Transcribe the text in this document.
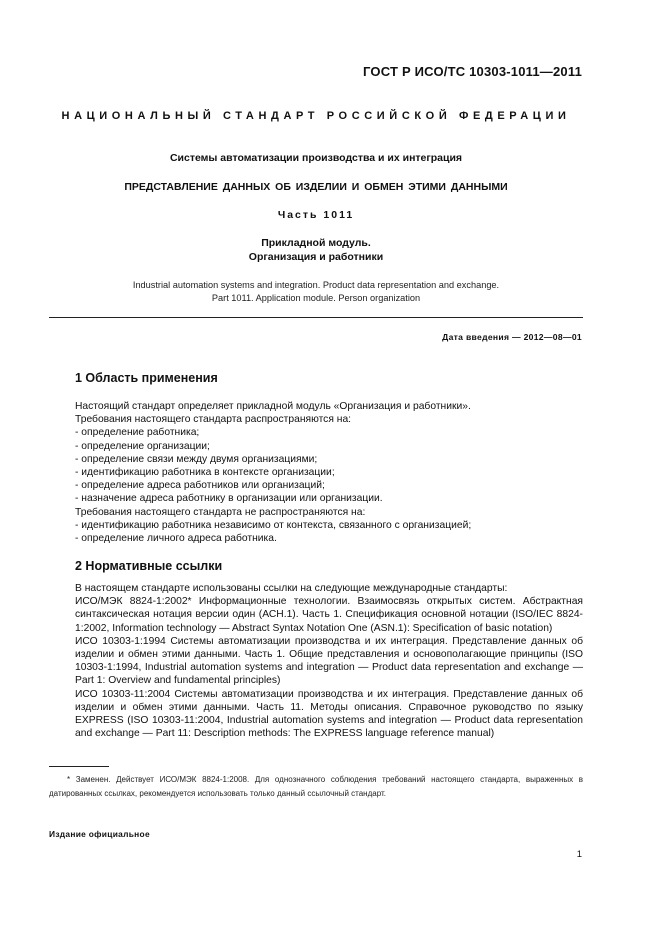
ГОСТ Р ИСО/ТС 10303-1011—2011
НАЦИОНАЛЬНЫЙ СТАНДАРТ РОССИЙСКОЙ ФЕДЕРАЦИИ
Системы автоматизации производства и их интеграция
ПРЕДСТАВЛЕНИЕ ДАННЫХ ОБ ИЗДЕЛИИ И ОБМЕН ЭТИМИ ДАННЫМИ
Часть 1011
Прикладной модуль.
Организация и работники
Industrial automation systems and integration. Product data representation and exchange.
Part 1011. Application module. Person organization
Дата введения — 2012—08—01
1 Область применения
Настоящий стандарт определяет прикладной модуль «Организация и работники».
Требования настоящего стандарта распространяются на:
- определение работника;
- определение организации;
- определение связи между двумя организациями;
- идентификацию работника в контексте организации;
- определение адреса работников или организаций;
- назначение адреса работнику в организации или организации.
Требования настоящего стандарта не распространяются на:
- идентификацию работника независимо от контекста, связанного с организацией;
- определение личного адреса работника.
2 Нормативные ссылки

В настоящем стандарте использованы ссылки на следующие международные стандарты:

ИСО/МЭК 8824-1:2002* Информационные технологии. Взаимосвязь открытых систем. Абстрактная синтаксическая нотация версии один (АСН.1). Часть 1. Спецификация основной нотации (ISO/IEC 8824-1:2002, Information technology — Abstract Syntax Notation One (ASN.1): Specification of basic notation)

ИСО 10303-1:1994 Системы автоматизации производства и их интеграция. Представление данных об изделии и обмен этими данными. Часть 1. Общие представления и основополагающие принципы (ISO 10303-1:1994, Industrial automation systems and integration — Product data representation and exchange — Part 1: Overview and fundamental principles)

ИСО 10303-11:2004 Системы автоматизации производства и их интеграция. Представление данных об изделии и обмен этими данными. Часть 11. Методы описания. Справочное руководство по языку EXPRESS (ISO 10303-11:2004, Industrial automation systems and integration — Product data representation and exchange — Part 11: Description methods: The EXPRESS language reference manual)

* Заменен. Действует ИСО/МЭК 8824-1:2008. Для однозначного соблюдения требований настоящего стандарта, выраженных в датированных ссылках, рекомендуется использовать только данный ссылочный стандарт.

Издание официальное
1
